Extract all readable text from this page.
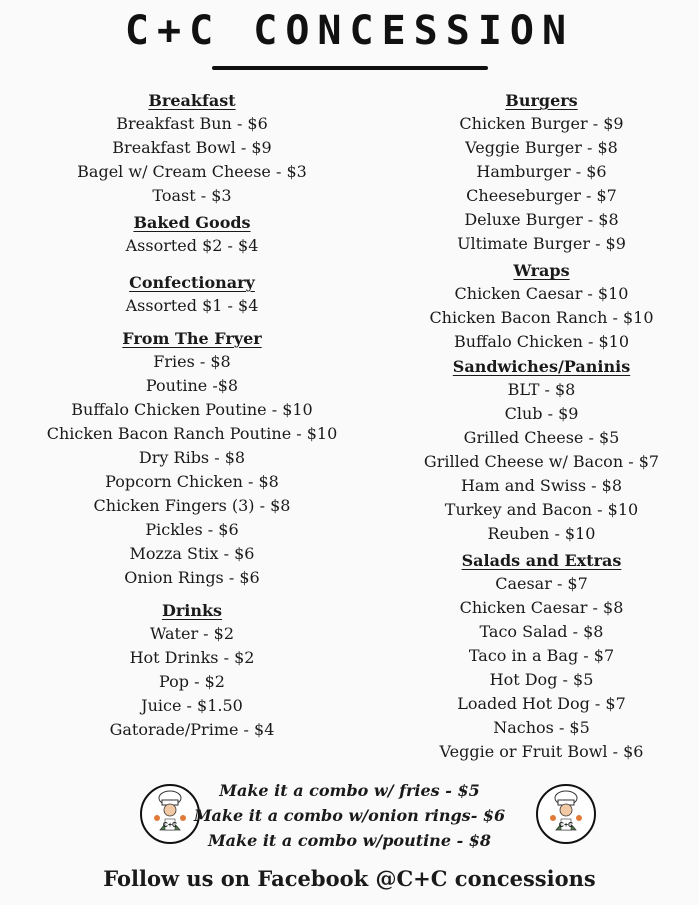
C+C CONCESSION
Breakfast
Breakfast Bun - $6
Breakfast Bowl - $9
Bagel w/ Cream Cheese - $3
Toast - $3
Baked Goods
Assorted $2 - $4
Confectionary
Assorted $1 - $4
From The Fryer
Fries - $8
Poutine -$8
Buffalo Chicken Poutine - $10
Chicken Bacon Ranch Poutine - $10
Dry Ribs - $8
Popcorn Chicken - $8
Chicken Fingers (3) - $8
Pickles - $6
Mozza Stix - $6
Onion Rings - $6
Drinks
Water - $2
Hot Drinks - $2
Pop - $2
Juice - $1.50
Gatorade/Prime - $4
Burgers
Chicken Burger - $9
Veggie Burger - $8
Hamburger - $6
Cheeseburger - $7
Deluxe Burger - $8
Ultimate Burger - $9
Wraps
Chicken Caesar - $10
Chicken Bacon Ranch - $10
Buffalo Chicken - $10
Sandwiches/Paninis
BLT - $8
Club - $9
Grilled Cheese - $5
Grilled Cheese w/ Bacon - $7
Ham and Swiss - $8
Turkey and Bacon - $10
Reuben - $10
Salads and Extras
Caesar - $7
Chicken Caesar - $8
Taco Salad - $8
Taco in a Bag - $7
Hot Dog - $5
Loaded Hot Dog - $7
Nachos - $5
Veggie or Fruit Bowl - $6
C+C	C+C
Make it a combo w/ fries - $5
Make it a combo w/onion rings- $6
Make it a combo w/poutine - $8
Follow us on Facebook @C+C concessions
